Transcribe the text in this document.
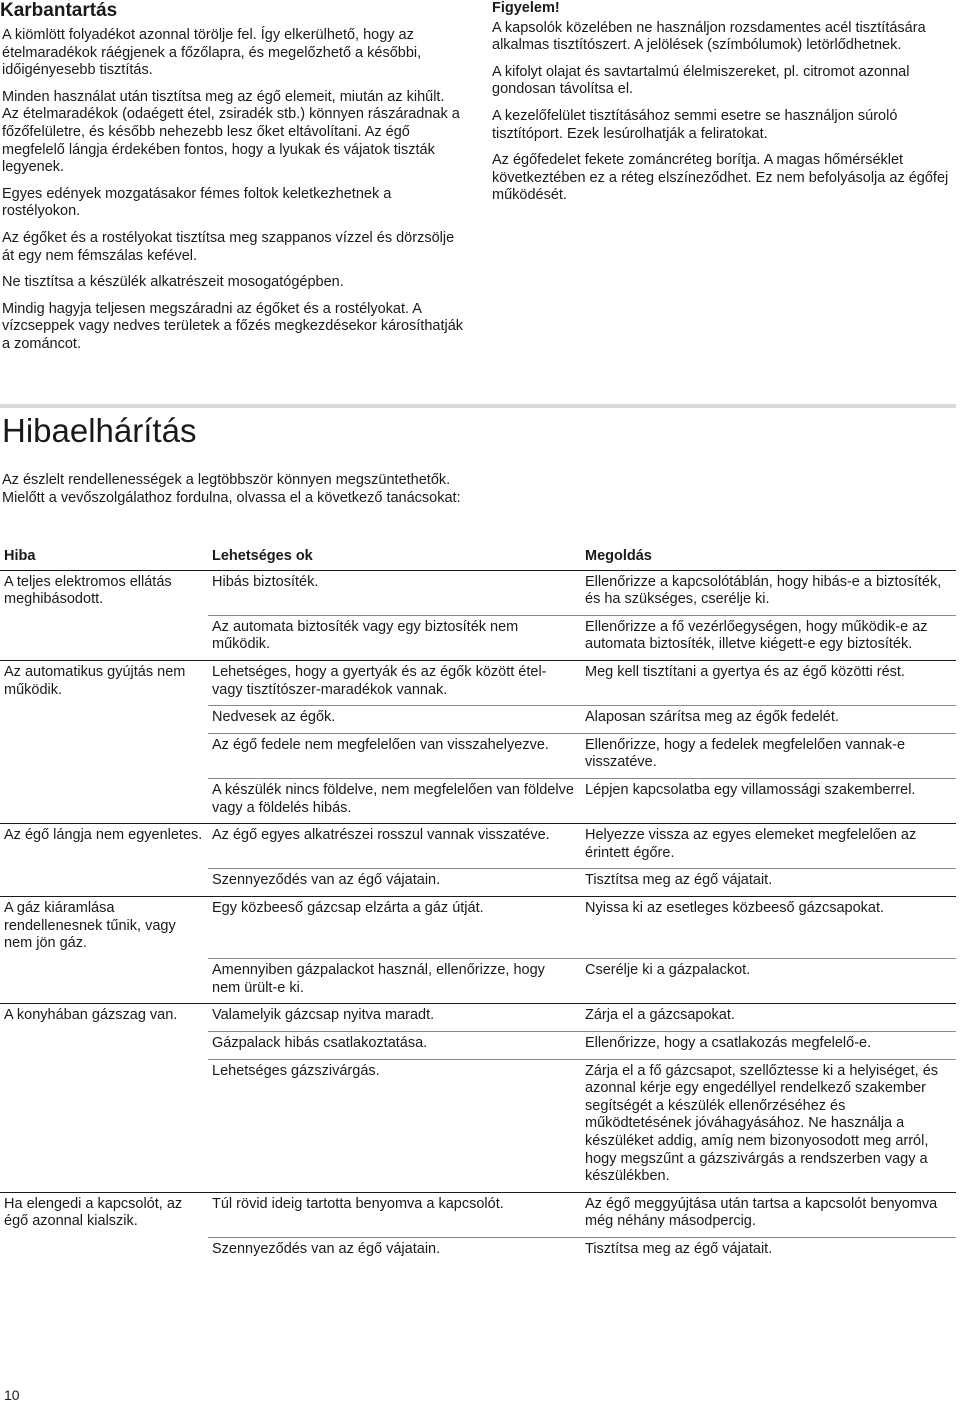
Karbantartás

A kiömlött folyadékot azonnal törölje fel. Így elkerülhető, hogy az ételmaradékok ráégjenek a főzőlapra, és megelőzhető a későbbi, időigényesebb tisztítás.

Minden használat után tisztítsa meg az égő elemeit, miután az kihűlt. Az ételmaradékok (odaégett étel, zsiradék stb.) könnyen rászáradnak a főzőfelületre, és később nehezebb lesz őket eltávolítani. Az égő megfelelő lángja érdekében fontos, hogy a lyukak és vájatok tiszták legyenek.

Egyes edények mozgatásakor fémes foltok keletkezhetnek a rostélyokon.

Az égőket és a rostélyokat tisztítsa meg szappanos vízzel és dörzsölje át egy nem fémszálas kefével.

Ne tisztítsa a készülék alkatrészeit mosogatógépben.

Mindig hagyja teljesen megszáradni az égőket és a rostélyokat. A vízcseppek vagy nedves területek a főzés megkezdésekor károsíthatják a zománcot.

Figyelem!

A kapsolók közelében ne használjon rozsdamentes acél tisztítására alkalmas tisztítószert. A jelölések (szímbólumok) letörlődhetnek.

A kifolyt olajat és savtartalmú élelmiszereket, pl. citromot azonnal gondosan távolítsa el.

A kezelőfelület tisztításához semmi esetre se használjon súroló tisztítóport. Ezek lesúrolhatják a feliratokat.

Az égőfedelet fekete zománcréteg borítja. A magas hőmérséklet következtében ez a réteg elszíneződhet. Ez nem befolyásolja az égőfej működését.

Hibaelhárítás

Az észlelt rendellenességek a legtöbbször könnyen megszüntethetők. Mielőtt a vevőszolgálathoz fordulna, olvassa el a következő tanácsokat:

Hiba	Lehetséges ok	Megoldás
A teljes elektromos ellátás meghibásodott.	Hibás biztosíték.	Ellenőrizze a kapcsolótáblán, hogy hibás-e a biztosíték, és ha szükséges, cserélje ki.
	Az automata biztosíték vagy egy biztosíték nem működik.	Ellenőrizze a fő vezérlőegységen, hogy működik-e az automata biztosíték, illetve kiégett-e egy biztosíték.
Az automatikus gyújtás nem működik.	Lehetséges, hogy a gyertyák és az égők között étel- vagy tisztítószer-maradékok vannak.	Meg kell tisztítani a gyertya és az égő közötti rést.
	Nedvesek az égők.	Alaposan szárítsa meg az égők fedelét.
	Az égő fedele nem megfelelően van visszahelyezve.	Ellenőrizze, hogy a fedelek megfelelően vannak-e visszatéve.
	A készülék nincs földelve, nem megfelelően van földelve vagy a földelés hibás.	Lépjen kapcsolatba egy villamossági szakemberrel.
Az égő lángja nem egyenletes.	Az égő egyes alkatrészei rosszul vannak visszatéve.	Helyezze vissza az egyes elemeket megfelelően az érintett égőre.
	Szennyeződés van az égő vájatain.	Tisztítsa meg az égő vájatait.
A gáz kiáramlása rendellenesnek tűnik, vagy nem jön gáz.	Egy közbeeső gázcsap elzárta a gáz útját.	Nyissa ki az esetleges közbeeső gázcsapokat.
	Amennyiben gázpalackot használ, ellenőrizze, hogy nem ürült-e ki.	Cserélje ki a gázpalackot.
A konyhában gázszag van.	Valamelyik gázcsap nyitva maradt.	Zárja el a gázcsapokat.
	Gázpalack hibás csatlakoztatása.	Ellenőrizze, hogy a csatlakozás megfelelő-e.
	Lehetséges gázszivárgás.	Zárja el a fő gázcsapot, szellőztesse ki a helyiséget, és azonnal kérje egy engedéllyel rendelkező szakember segítségét a készülék ellenőrzéséhez és működtetésének jóváhagyásához. Ne használja a készüléket addig, amíg nem bizonyosodott meg arról, hogy megszűnt a gázszivárgás a rendszerben vagy a készülékben.
Ha elengedi a kapcsolót, az égő azonnal kialszik.	Túl rövid ideig tartotta benyomva a kapcsolót.	Az égő meggyújtása után tartsa a kapcsolót benyomva még néhány másodpercig.
	Szennyeződés van az égő vájatain.	Tisztítsa meg az égő vájatait.
10
